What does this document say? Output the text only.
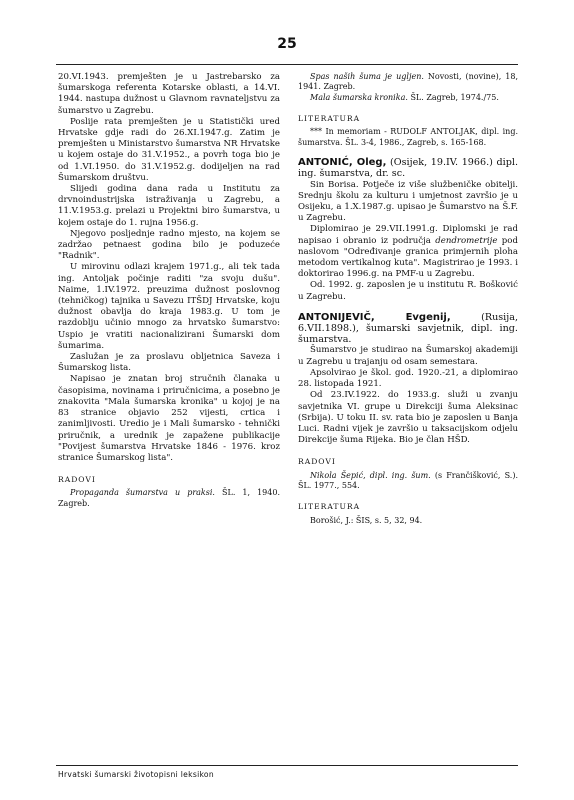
25

20.VI.1943. premješten je u Jastrebarsko za šumarskoga referenta Kotarske oblasti, a 14.VI. 1944. nastupa dužnost u Glavnom ravnateljstvu za šumarstvo u Zagrebu.

Poslije rata premješten je u Statistički ured Hrvatske gdje radi do 26.XI.1947.g. Zatim je premješten u Ministarstvo šumarstva NR Hrvatske u kojem ostaje do 31.V.1952., a povrh toga bio je od 1.VI.1950. do 31.V.1952.g. dodijeljen na rad Šumarskom društvu.

Slijedi godina dana rada u Institutu za drvnoindustrijska istraživanja u Zagrebu, a 11.V.1953.g. prelazi u Projektni biro šumarstva, u kojem ostaje do 1. rujna 1956.g.

Njegovo posljednje radno mjesto, na kojem se zadržao petnaest godina bilo je poduzeće "Radnik".

U mirovinu odlazi krajem 1971.g., ali tek tada ing. Antoljak počinje raditi "za svoju dušu". Naime, 1.IV.1972. preuzima dužnost poslovnog (tehničkog) tajnika u Savezu ITŠDJ Hrvatske, koju dužnost obavlja do kraja 1983.g. U tom je razdoblju učinio mnogo za hrvatsko šumarstvo: Uspio je vratiti nacionalizirani Šumarski dom šumarima.

Zaslužan je za proslavu obljetnica Saveza i Šumarskog lista.

Napisao je znatan broj stručnih članaka u časopisima, novinama i priručnicima, a posebno je znakovita "Mala šumarska kronika" u kojoj je na 83 stranice objavio 252 vijesti, crtica i zanimljivosti. Uredio je i Mali šumarsko - tehnički priručnik, a urednik je zapažene publikacije "Povijest šumarstva Hrvatske 1846 - 1976. kroz stranice Šumarskog lista".

RADOVI

Propaganda šumarstva u praksi. ŠL. 1, 1940. Zagreb.

Spas naših šuma je ugljen. Novosti, (novine), 18, 1941. Zagreb.

Mala šumarska kronika. ŠL. Zagreb, 1974./75.

LITERATURA

*** In memoriam - RUDOLF ANTOLJAK, dipl. ing. šumarstva. ŠL. 3-4, 1986., Zagreb, s. 165-168.

ANTONIĆ, Oleg, (Osijek, 19.IV. 1966.) dipl. ing. šumarstva, dr. sc.

Sin Borisa. Potječe iz više službeničke obitelji. Srednju školu za kulturu i umjetnost završio je u Osijeku, a 1.X.1987.g. upisao je Šumarstvo na Š.F. u Zagrebu.

Diplomirao je 29.VII.1991.g. Diplomski je rad napisao i obranio iz područja dendrometrije pod naslovom "Određivanje granica primjernih ploha metodom vertikalnog kuta". Magistrirao je 1993. i doktorirao 1996.g. na PMF-u u Zagrebu.

Od. 1992. g. zaposlen je u institutu R. Bošković u Zagrebu.

ANTONIJEVIČ, Evgenij, (Rusija, 6.VII.1898.), šumarski savjetnik, dipl. ing. šumarstva.

Šumarstvo je studirao na Šumarskoj akademiji u Zagrebu u trajanju od osam semestara.

Apsolvirao je škol. god. 1920.-21, a diplomirao 28. listopada 1921.

Od 23.IV.1922. do 1933.g. služi u zvanju savjetnika VI. grupe u Direkciji šuma Aleksinac (Srbija). U toku II. sv. rata bio je zaposlen u Banja Luci. Radni vijek je završio u taksacijskom odjelu Direkcije šuma Rijeka. Bio je član HŠD.

RADOVI

Nikola Šepić, dipl. ing. šum. (s Frančišković, S.). ŠL. 1977., 554.

LITERATURA

Borošić, J.: ŠIS, s. 5, 32, 94.

Hrvatski šumarski životopisni leksikon
